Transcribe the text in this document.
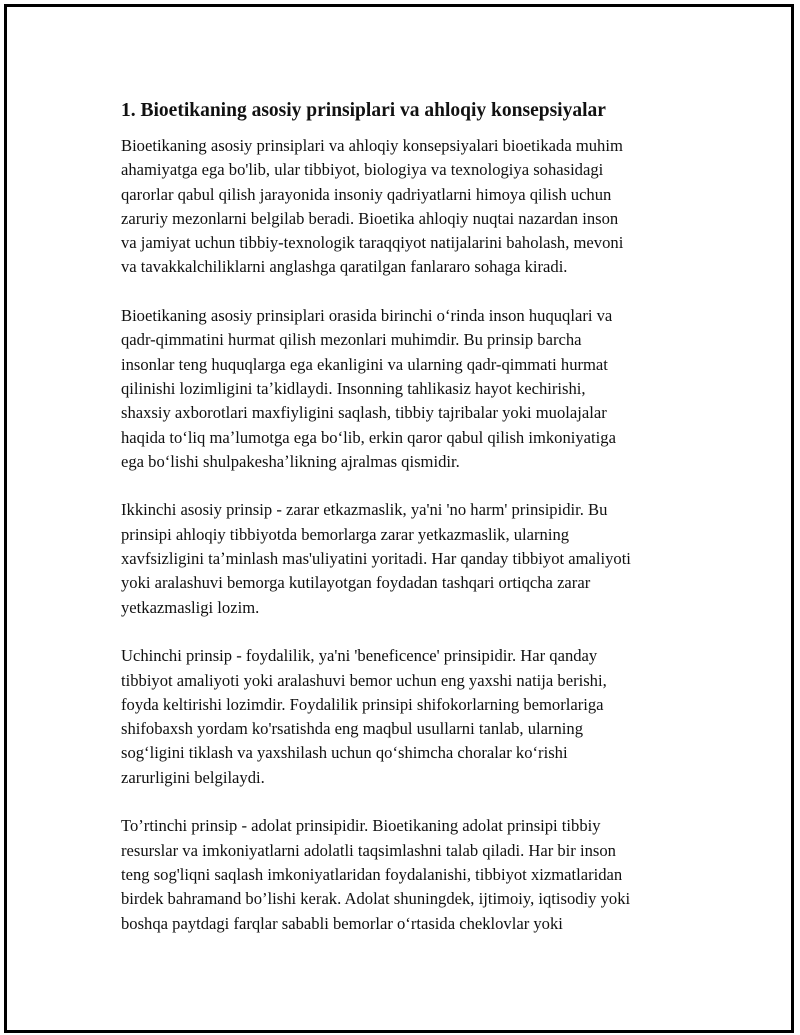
1. Bioetikaning asosiy prinsiplari va ahloqiy konsepsiyalar
Bioetikaning asosiy prinsiplari va ahloqiy konsepsiyalari bioetikada muhim
ahamiyatga ega bo'lib, ular tibbiyot, biologiya va texnologiya sohasidagi
qarorlar qabul qilish jarayonida insoniy qadriyatlarni himoya qilish uchun
zaruriy mezonlarni belgilab beradi. Bioetika ahloqiy nuqtai nazardan inson
va jamiyat uchun tibbiy-texnologik taraqqiyot natijalarini baholash, mevoni
va tavakkalchiliklarni anglashga qaratilgan fanlararo sohaga kiradi.
Bioetikaning asosiy prinsiplari orasida birinchi oʻrinda inson huquqlari va
qadr-qimmatini hurmat qilish mezonlari muhimdir. Bu prinsip barcha
insonlar teng huquqlarga ega ekanligini va ularning qadr-qimmati hurmat
qilinishi lozimligini taʼkidlaydi. Insonning tahlikasiz hayot kechirishi,
shaxsiy axborotlari maxfiyligini saqlash, tibbiy tajribalar yoki muolajalar
haqida toʻliq maʼlumotga ega boʻlib, erkin qaror qabul qilish imkoniyatiga
ega boʻlishi shulpakeshaʼlikning ajralmas qismidir.
Ikkinchi asosiy prinsip - zarar etkazmaslik, ya'ni 'no harm' prinsipidir. Bu
prinsipi ahloqiy tibbiyotda bemorlarga zarar yetkazmaslik, ularning
xavfsizligini taʼminlash mas'uliyatini yoritadi. Har qanday tibbiyot amaliyoti
yoki aralashuvi bemorga kutilayotgan foydadan tashqari ortiqcha zarar
yetkazmasligi lozim.
Uchinchi prinsip - foydalilik, ya'ni 'beneficence' prinsipidir. Har qanday
tibbiyot amaliyoti yoki aralashuvi bemor uchun eng yaxshi natija berishi,
foyda keltirishi lozimdir. Foydalilik prinsipi shifokorlarning bemorlariga
shifobaxsh yordam ko'rsatishda eng maqbul usullarni tanlab, ularning
sogʻligini tiklash va yaxshilash uchun qoʻshimcha choralar koʻrishi
zarurligini belgilaydi.
To’rtinchi prinsip - adolat prinsipidir. Bioetikaning adolat prinsipi tibbiy
resurslar va imkoniyatlarni adolatli taqsimlashni talab qiladi. Har bir inson
teng sog'liqni saqlash imkoniyatlaridan foydalanishi, tibbiyot xizmatlaridan
birdek bahramand bo’lishi kerak. Adolat shuningdek, ijtimoiy, iqtisodiy yoki
boshqa paytdagi farqlar sababli bemorlar oʻrtasida cheklovlar yoki
